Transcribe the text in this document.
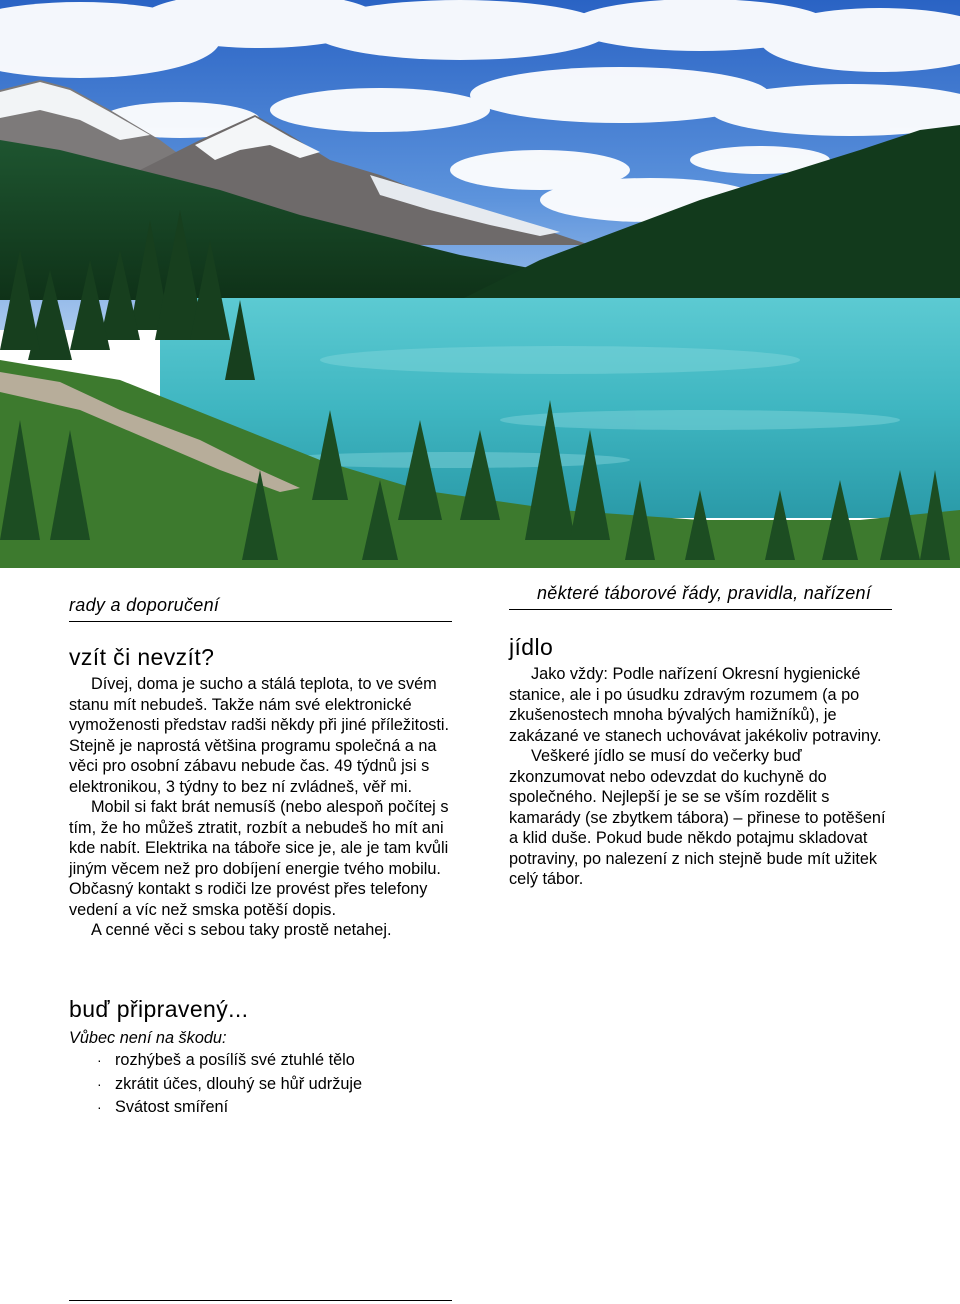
rady a doporučení
vzít či nevzít?

Dívej, doma je sucho a stálá teplota, to ve svém stanu mít nebudeš. Takže nám své elektronické vymoženosti představ radši někdy při jiné příležitosti. Stejně je naprostá většina programu společná a na věci pro osobní zábavu nebude čas. 49 týdnů jsi s elektronikou, 3 týdny to bez ní zvládneš, věř mi.

Mobil si fakt brát nemusíš (nebo alespoň počítej s tím, že ho můžeš ztratit, rozbít a nebudeš ho mít ani kde nabít. Elektrika na táboře sice je, ale je tam kvůli jiným věcem než pro dobíjení energie tvého mobilu. Občasný kontakt s rodiči lze provést přes telefony vedení a víc než smska potěší dopis.

A cenné věci s sebou taky prostě netahej.

buď připravený...
Vůbec není na škodu:
· rozhýbeš a posílíš své ztuhlé tělo
· zkrátit účes, dlouhý se hůř udržuje
· Svátost smíření
některé táborové řády, pravidla, nařízení
jídlo

Jako vždy: Podle nařízení Okresní hygienické stanice, ale i po úsudku zdravým rozumem (a po zkušenostech mnoha bývalých hamižníků), je zakázané ve stanech uchovávat jakékoliv potraviny.

Veškeré jídlo se musí do večerky buď zkonzumovat nebo odevzdat do kuchyně do společného. Nejlepší je se se vším rozdělit s kamarády (se zbytkem tábora) – přinese to potěšení a klid duše. Pokud bude někdo potajmu skladovat potraviny, po nalezení z nich stejně bude mít užitek celý tábor.
